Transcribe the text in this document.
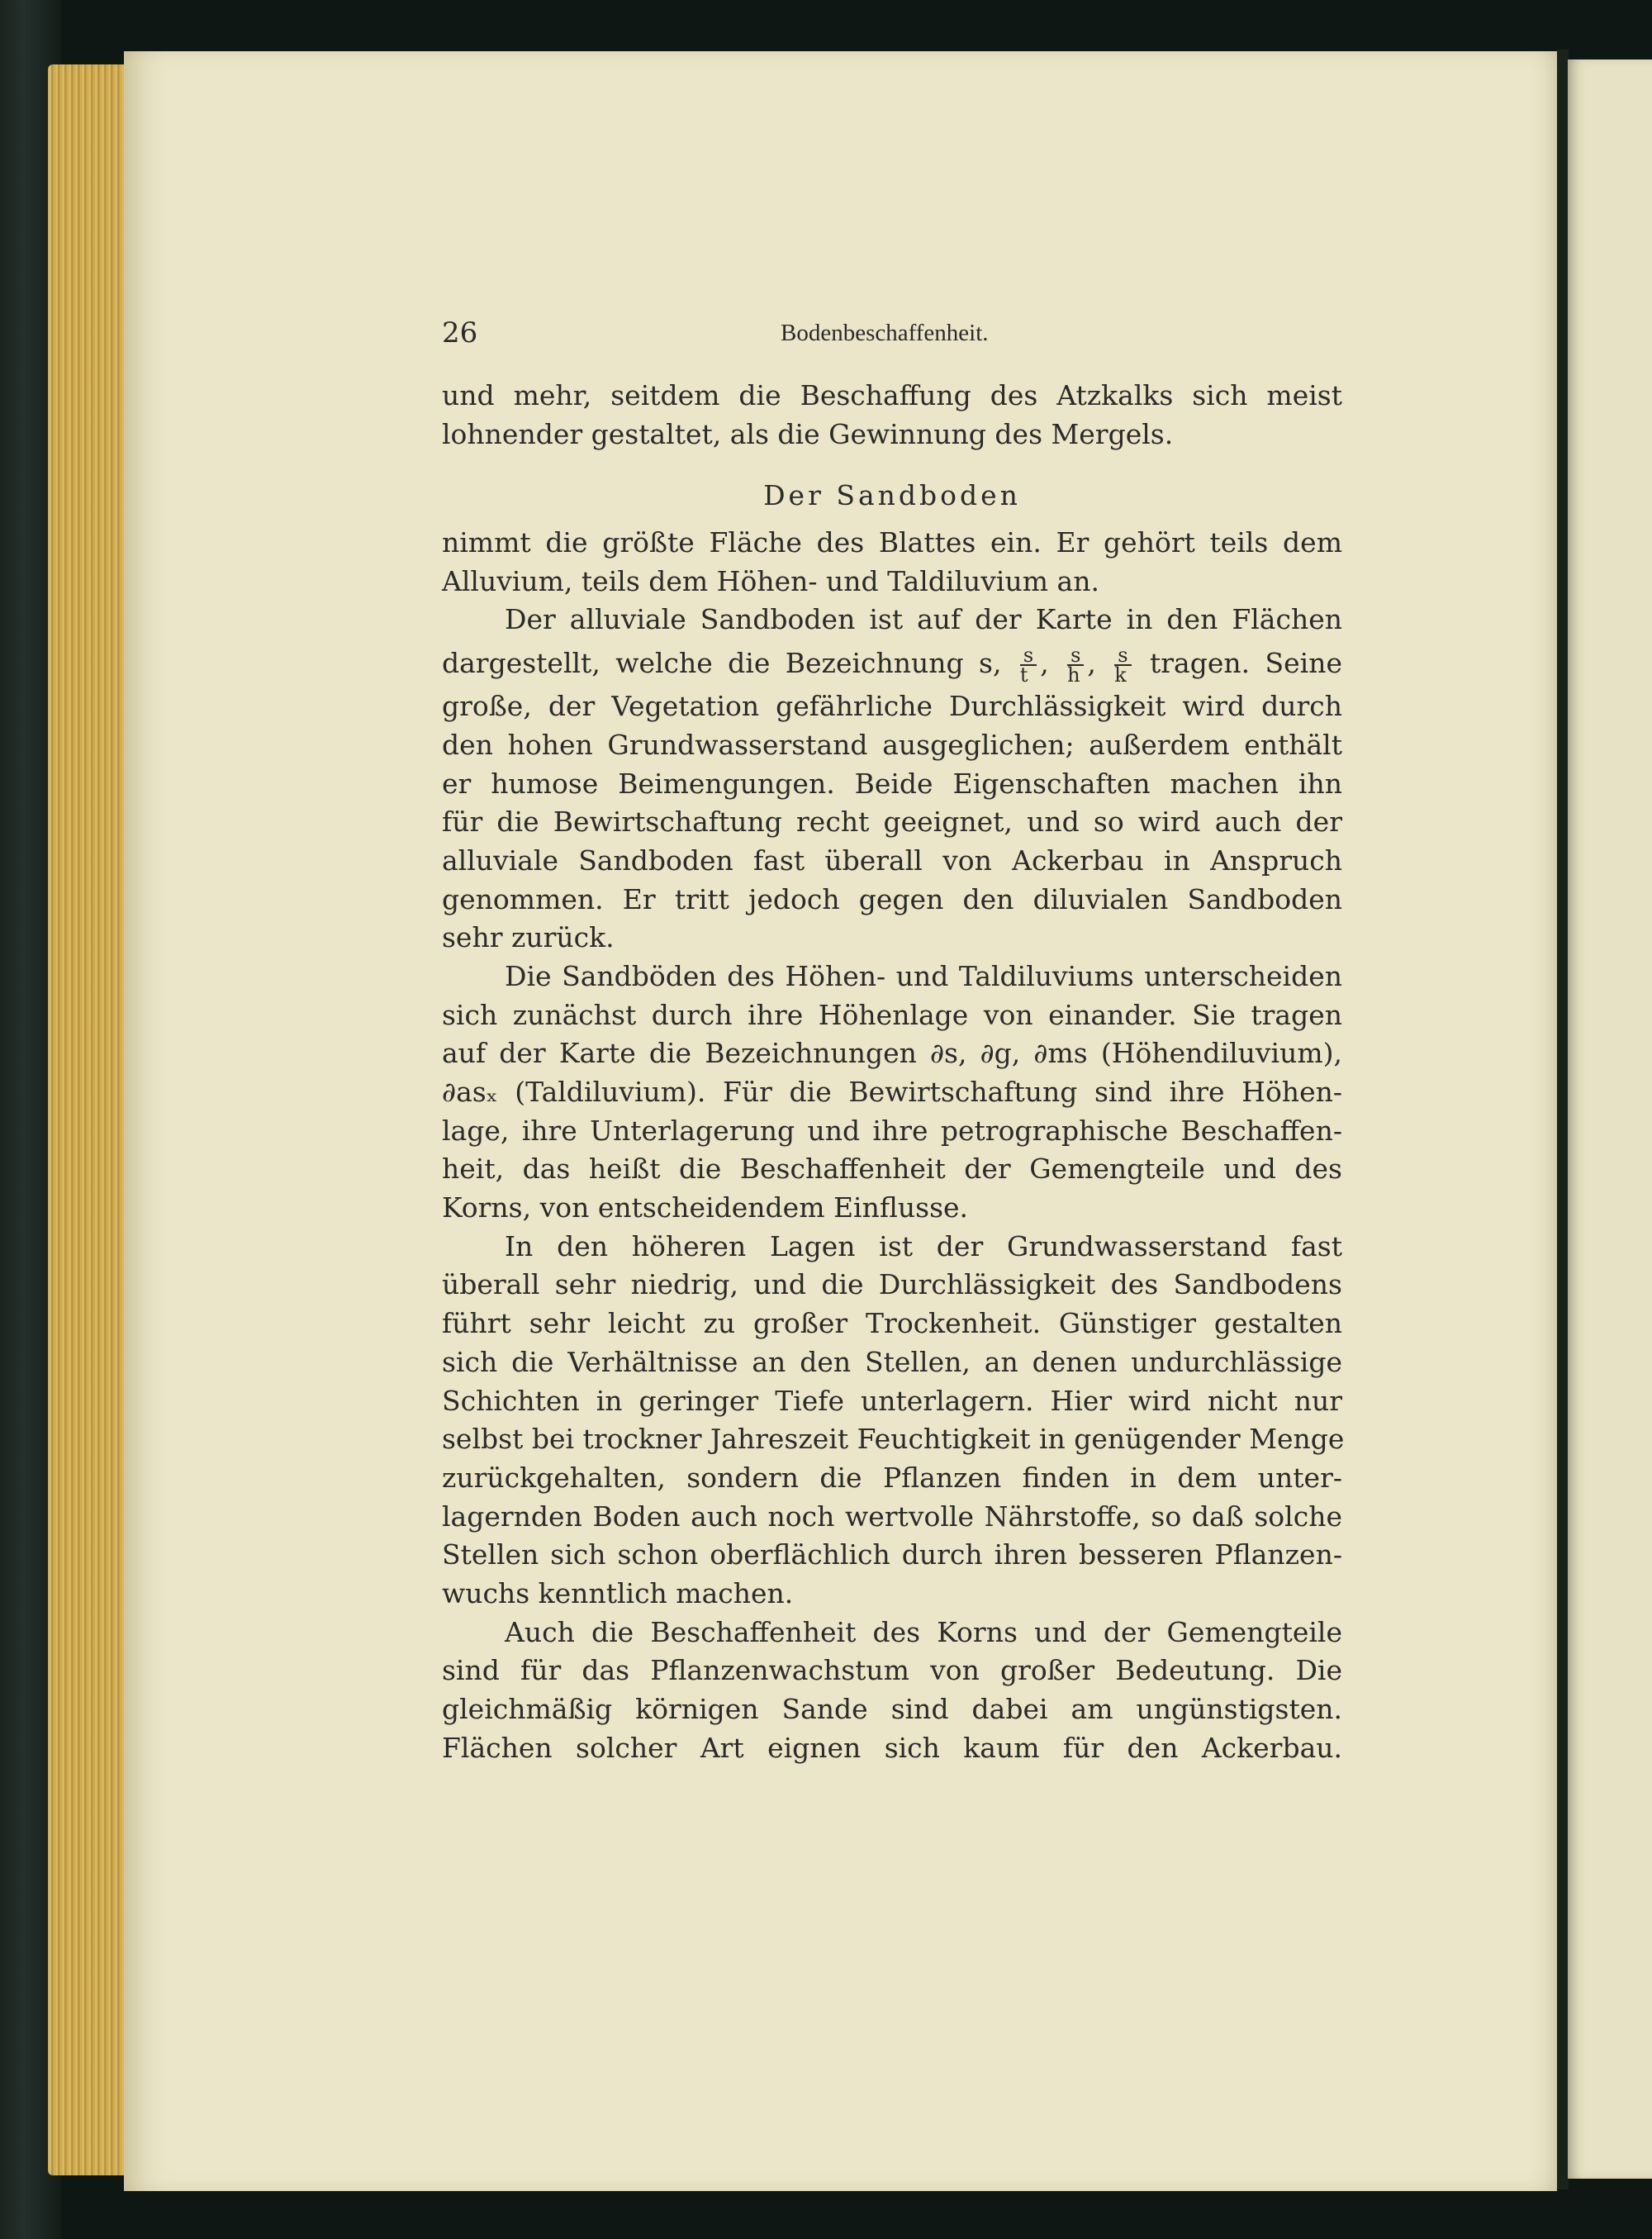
26	Bodenbeschaffenheit.
und mehr, seitdem die Beschaffung des Atzkalks sich meist
lohnender gestaltet, als die Gewinnung des Mergels.
Der Sandboden
nimmt die größte Fläche des Blattes ein. Er gehört teils dem
Alluvium, teils dem Höhen- und Taldiluvium an.
Der alluviale Sandboden ist auf der Karte in den Flächen
dargestellt, welche die Bezeichnung s, $\frac{s}{t}$ , $\frac{s}{h}$ , $\frac{s}{k}$ tragen. Seine
große, der Vegetation gefährliche Durchlässigkeit wird durch
den hohen Grundwasserstand ausgeglichen; außerdem enthält
er humose Beimengungen. Beide Eigenschaften machen ihn
für die Bewirtschaftung recht geeignet, und so wird auch der
alluviale Sandboden fast überall von Ackerbau in Anspruch
genommen. Er tritt jedoch gegen den diluvialen Sandboden
sehr zurück.
Die Sandböden des Höhen- und Taldiluviums unterscheiden
sich zunächst durch ihre Höhenlage von einander. Sie tragen
auf der Karte die Bezeichnungen ∂s, ∂g, ∂ms (Höhendiluvium),
∂asₓ (Taldiluvium). Für die Bewirtschaftung sind ihre Höhen-
lage, ihre Unterlagerung und ihre petrographische Beschaffen-
heit, das heißt die Beschaffenheit der Gemengteile und des
Korns, von entscheidendem Einflusse.
In den höheren Lagen ist der Grundwasserstand fast
überall sehr niedrig, und die Durchlässigkeit des Sandbodens
führt sehr leicht zu großer Trockenheit. Günstiger gestalten
sich die Verhältnisse an den Stellen, an denen undurchlässige
Schichten in geringer Tiefe unterlagern. Hier wird nicht nur
selbst bei trockner Jahreszeit Feuchtigkeit in genügender Menge
zurückgehalten, sondern die Pflanzen finden in dem unter-
lagernden Boden auch noch wertvolle Nährstoffe, so daß solche
Stellen sich schon oberflächlich durch ihren besseren Pflanzen-
wuchs kenntlich machen.
Auch die Beschaffenheit des Korns und der Gemengteile
sind für das Pflanzenwachstum von großer Bedeutung. Die
gleichmäßig körnigen Sande sind dabei am ungünstigsten.
Flächen solcher Art eignen sich kaum für den Ackerbau.
